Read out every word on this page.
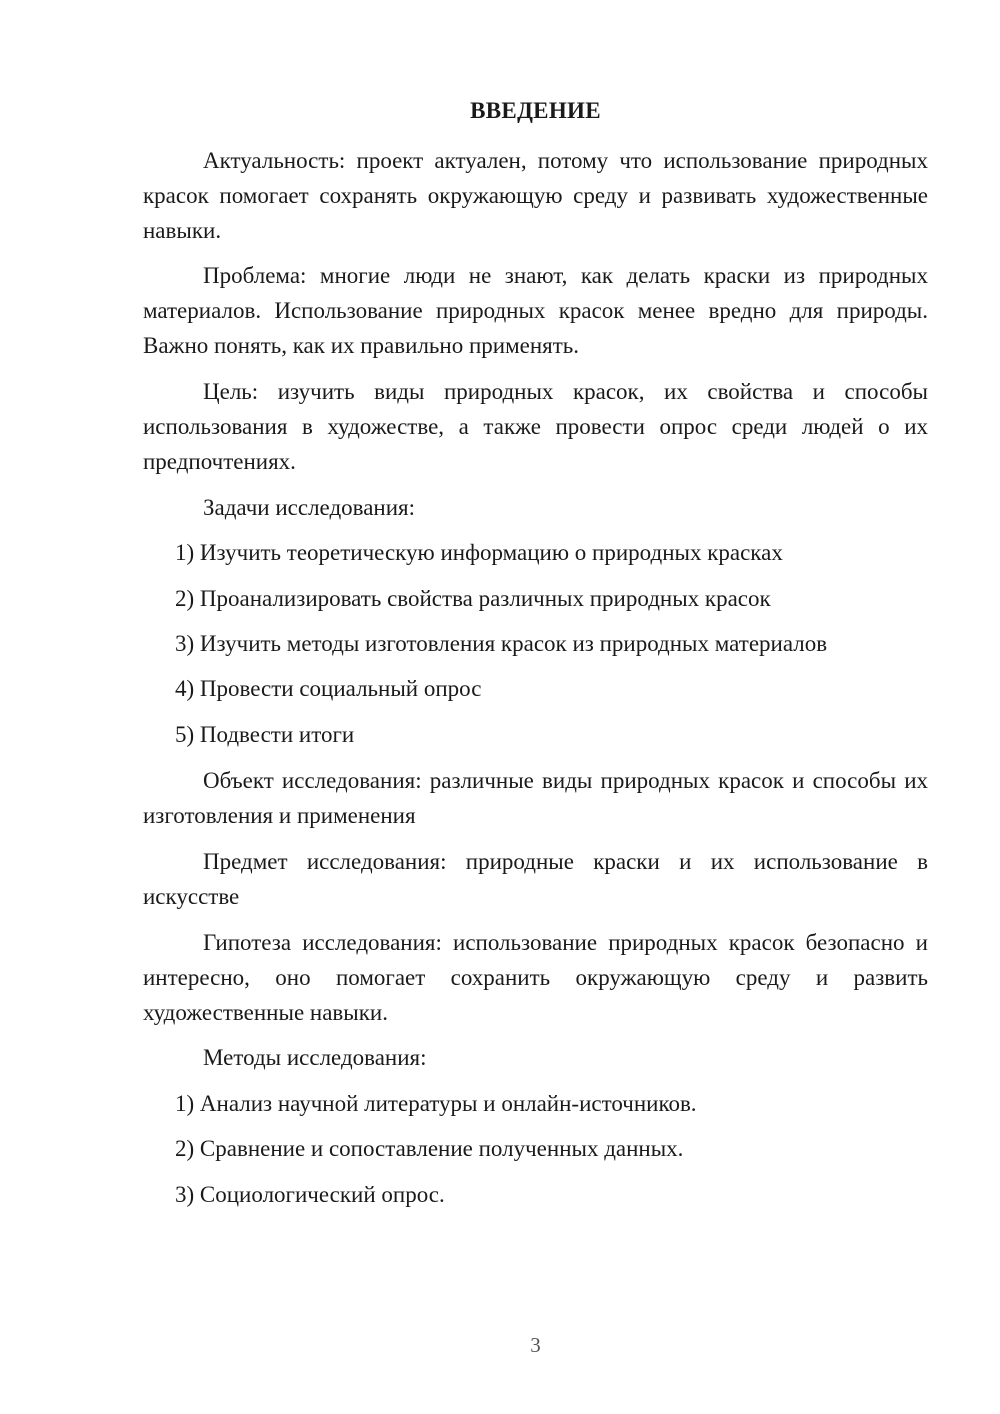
ВВЕДЕНИЕ
Актуальность: проект актуален, потому что использование природных красок помогает сохранять окружающую среду и развивать художественные навыки.
Проблема: многие люди не знают, как делать краски из природных материалов. Использование природных красок менее вредно для природы. Важно понять, как их правильно применять.
Цель: изучить виды природных красок, их свойства и способы использования в художестве, а также провести опрос среди людей о их предпочтениях.
Задачи исследования:
1) Изучить теоретическую информацию о природных красках
2) Проанализировать свойства различных природных красок
3) Изучить методы изготовления красок из природных материалов
4) Провести социальный опрос
5) Подвести итоги
Объект исследования: различные виды природных красок и способы их изготовления и применения
Предмет исследования: природные краски и их использование в искусстве
Гипотеза исследования: использование природных красок безопасно и интересно, оно помогает сохранить окружающую среду и развить художественные навыки.
Методы исследования:
1) Анализ научной литературы и онлайн-источников.
2) Сравнение и сопоставление полученных данных.
3) Социологический опрос.
3
